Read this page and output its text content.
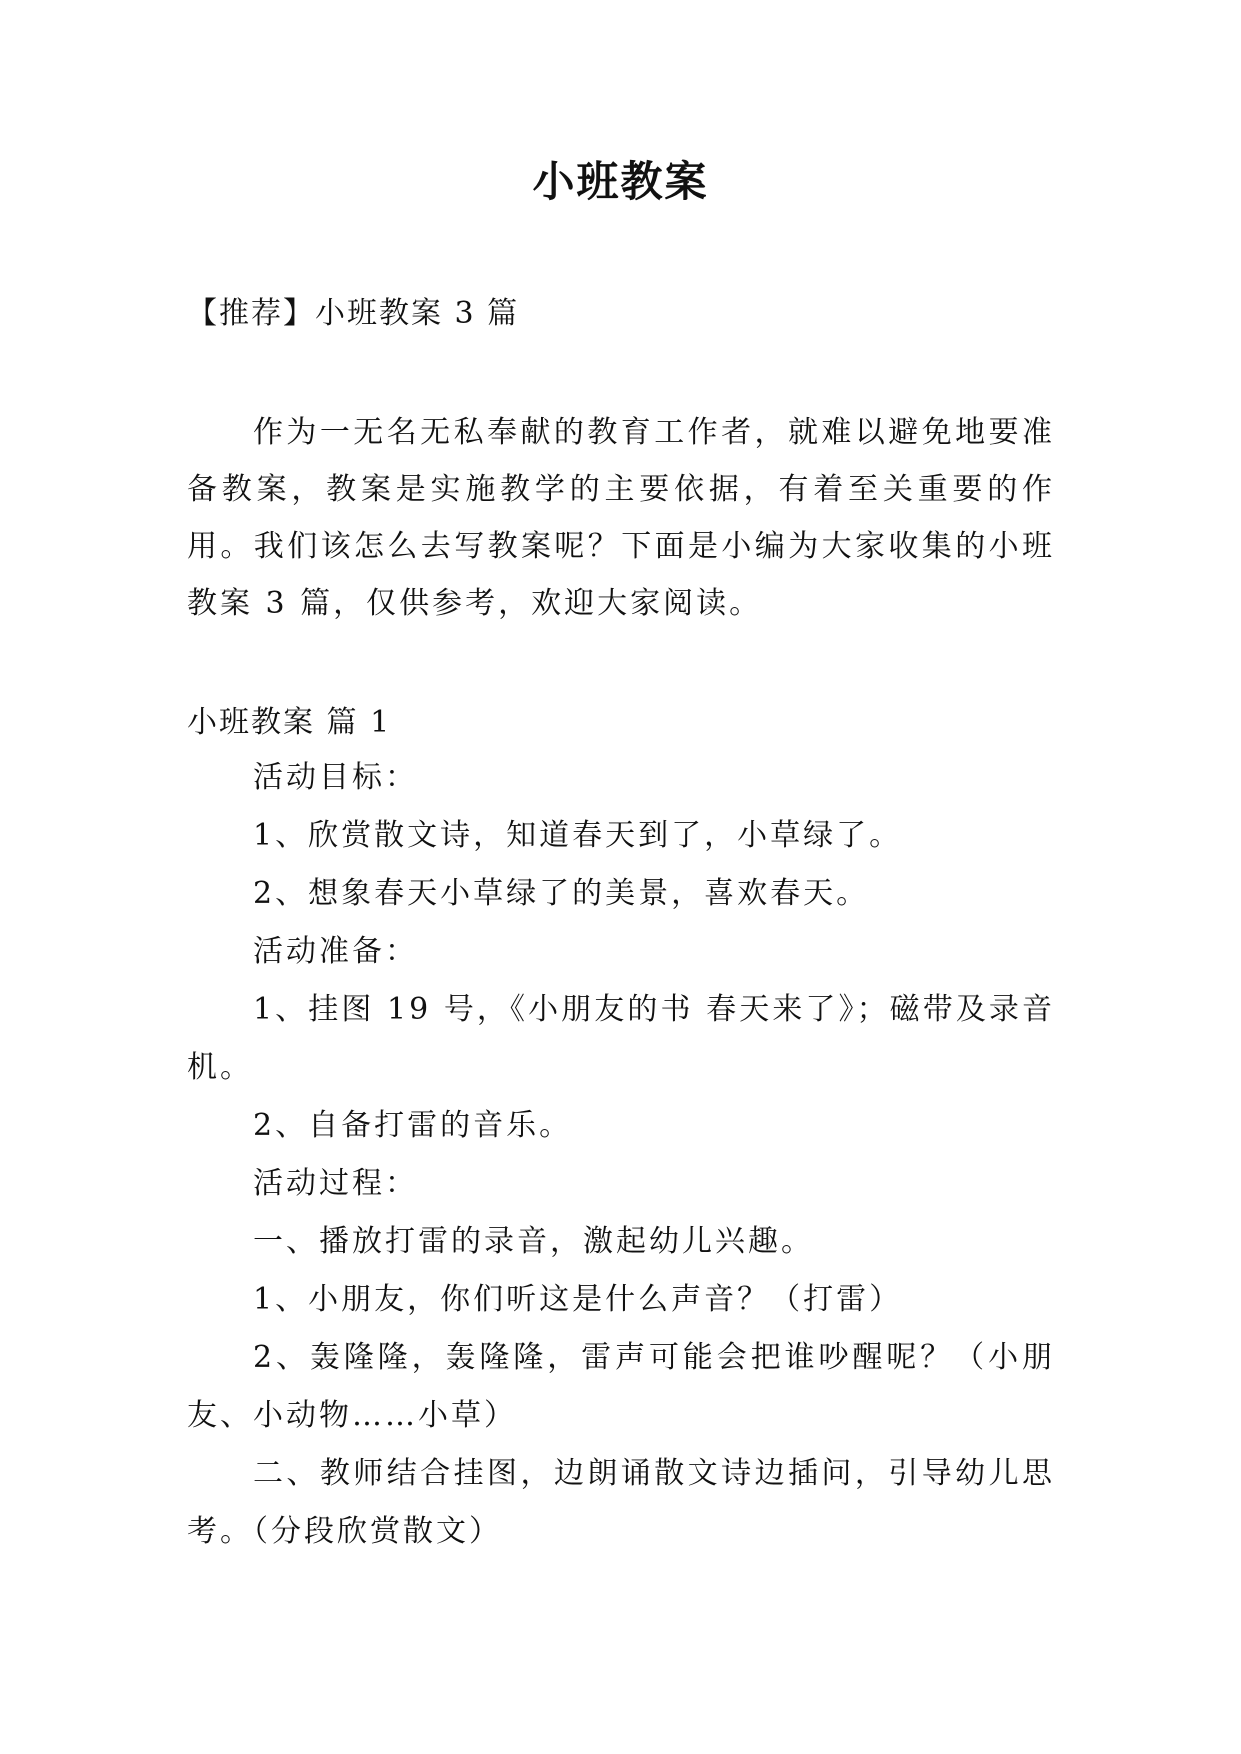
小班教案
【推荐】小班教案 3 篇
作为一无名无私奉献的教育工作者，就难以避免地要准备教案，教案是实施教学的主要依据，有着至关重要的作用。我们该怎么去写教案呢？下面是小编为大家收集的小班教案 3 篇，仅供参考，欢迎大家阅读。
小班教案 篇 1

活动目标：

1、欣赏散文诗，知道春天到了，小草绿了。

2、想象春天小草绿了的美景，喜欢春天。

活动准备：

1、挂图 19 号，《小朋友的书 春天来了》；磁带及录音机。

2、自备打雷的音乐。

活动过程：

一、播放打雷的录音，激起幼儿兴趣。

1、小朋友，你们听这是什么声音？（打雷）

2、轰隆隆，轰隆隆，雷声可能会把谁吵醒呢？（小朋友、小动物……小草）

二、教师结合挂图，边朗诵散文诗边插问，引导幼儿思考。（分段欣赏散文）
